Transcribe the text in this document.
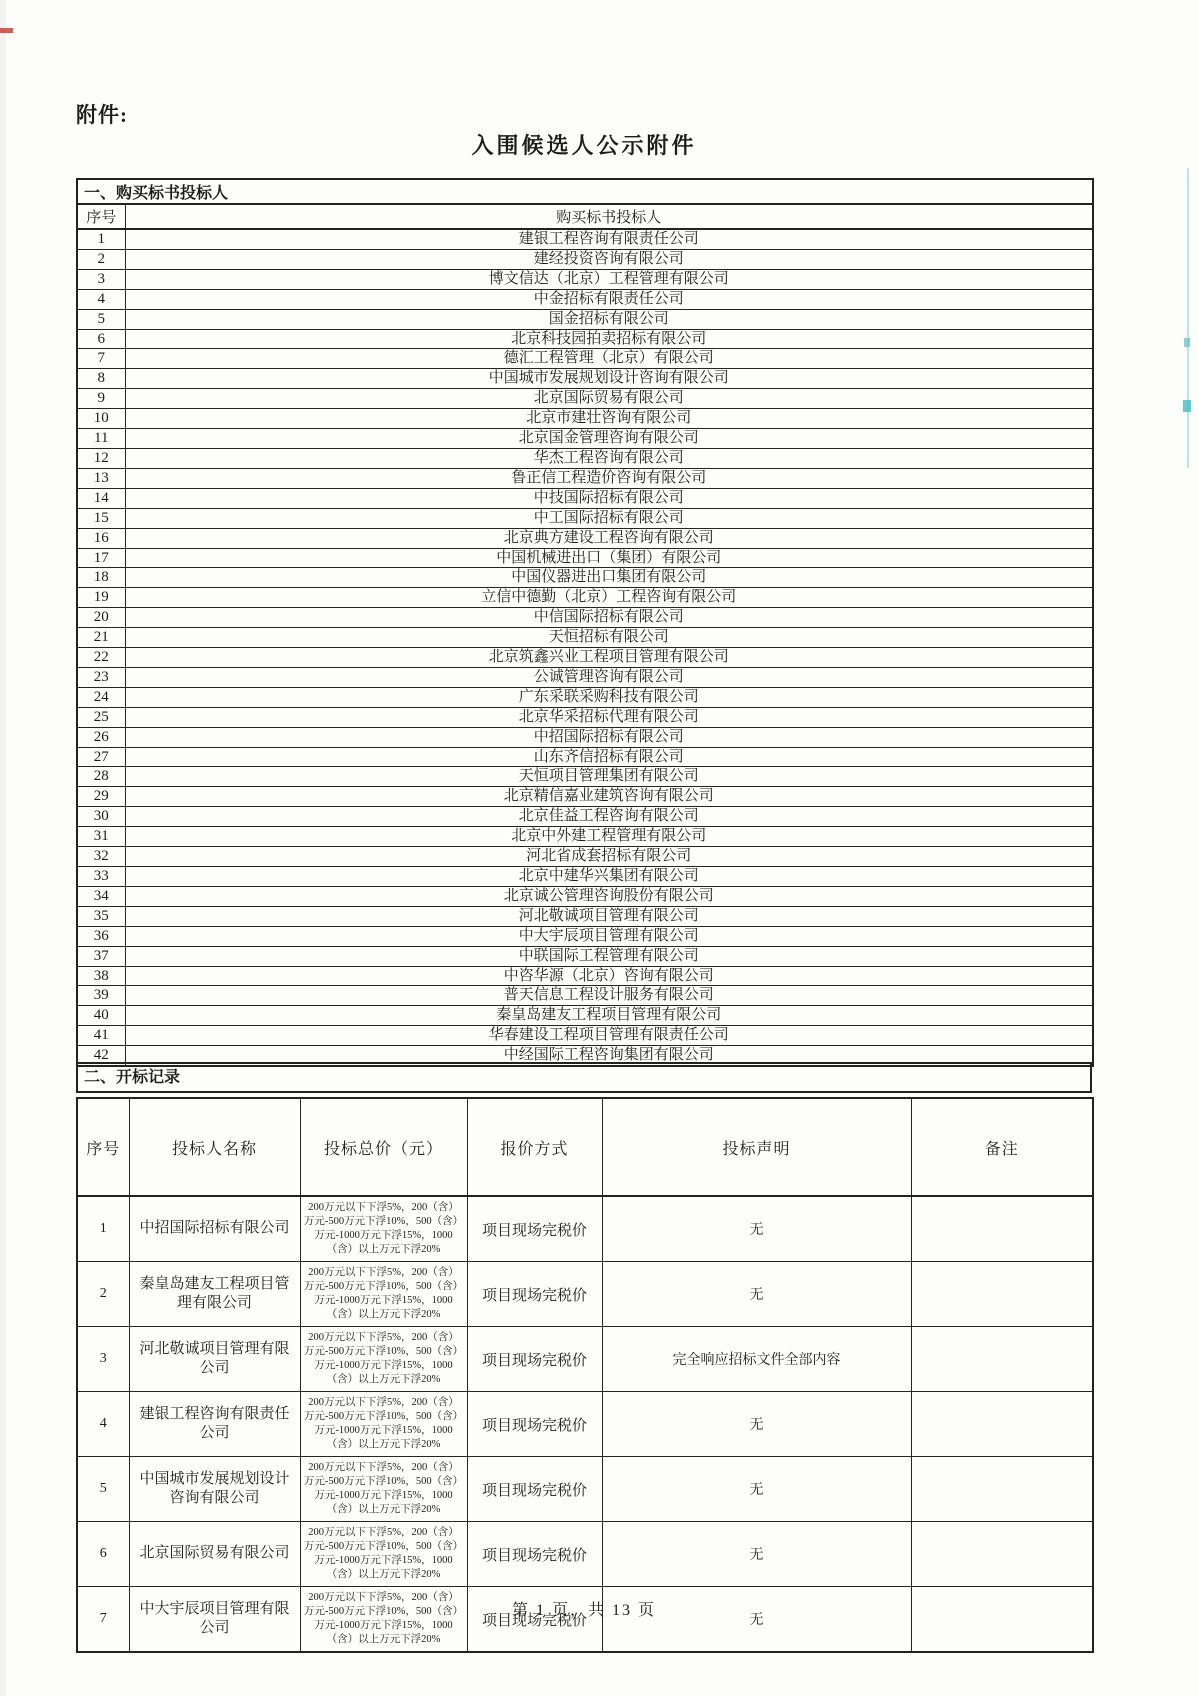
附件:
入围候选人公示附件
一、购买标书投标人	
序号	购买标书投标人
1	建银工程咨询有限责任公司
2	建经投资咨询有限公司
3	博文信达（北京）工程管理有限公司
4	中金招标有限责任公司
5	国金招标有限公司
6	北京科技园拍卖招标有限公司
7	德汇工程管理（北京）有限公司
8	中国城市发展规划设计咨询有限公司
9	北京国际贸易有限公司
10	北京市建壮咨询有限公司
11	北京国金管理咨询有限公司
12	华杰工程咨询有限公司
13	鲁正信工程造价咨询有限公司
14	中技国际招标有限公司
15	中工国际招标有限公司
16	北京典方建设工程咨询有限公司
17	中国机械进出口（集团）有限公司
18	中国仪器进出口集团有限公司
19	立信中德勤（北京）工程咨询有限公司
20	中信国际招标有限公司
21	天恒招标有限公司
22	北京筑鑫兴业工程项目管理有限公司
23	公诚管理咨询有限公司
24	广东采联采购科技有限公司
25	北京华采招标代理有限公司
26	中招国际招标有限公司
27	山东齐信招标有限公司
28	天恒项目管理集团有限公司
29	北京精信嘉业建筑咨询有限公司
30	北京佳益工程咨询有限公司
31	北京中外建工程管理有限公司
32	河北省成套招标有限公司
33	北京中建华兴集团有限公司
34	北京诚公管理咨询股份有限公司
35	河北敬诚项目管理有限公司
36	中大宇辰项目管理有限公司
37	中联国际工程管理有限公司
38	中咨华源（北京）咨询有限公司
39	普天信息工程设计服务有限公司
40	秦皇岛建友工程项目管理有限公司
41	华春建设工程项目管理有限责任公司
42	中经国际工程咨询集团有限公司
二、开标记录
序号	投标人名称	投标总价（元）	报价方式	投标声明	备注
1	中招国际招标有限公司	200万元以下下浮5%，200（含）万元-500万元下浮10%，500（含）万元-1000万元下浮15%，1000（含）以上万元下浮20%	项目现场完税价	无	
2	秦皇岛建友工程项目管理有限公司	200万元以下下浮5%，200（含）万元-500万元下浮10%，500（含）万元-1000万元下浮15%，1000（含）以上万元下浮20%	项目现场完税价	无	
3	河北敬诚项目管理有限公司	200万元以下下浮5%，200（含）万元-500万元下浮10%，500（含）万元-1000万元下浮15%，1000（含）以上万元下浮20%	项目现场完税价	完全响应招标文件全部内容	
4	建银工程咨询有限责任公司	200万元以下下浮5%，200（含）万元-500万元下浮10%，500（含）万元-1000万元下浮15%，1000（含）以上万元下浮20%	项目现场完税价	无	
5	中国城市发展规划设计咨询有限公司	200万元以下下浮5%，200（含）万元-500万元下浮10%，500（含）万元-1000万元下浮15%，1000（含）以上万元下浮20%	项目现场完税价	无	
6	北京国际贸易有限公司	200万元以下下浮5%，200（含）万元-500万元下浮10%，500（含）万元-1000万元下浮15%，1000（含）以上万元下浮20%	项目现场完税价	无	
7	中大宇辰项目管理有限公司	200万元以下下浮5%，200（含）万元-500万元下浮10%，500（含）万元-1000万元下浮15%，1000（含）以上万元下浮20%	项目现场完税价	无	
第 1 页，共 13 页
